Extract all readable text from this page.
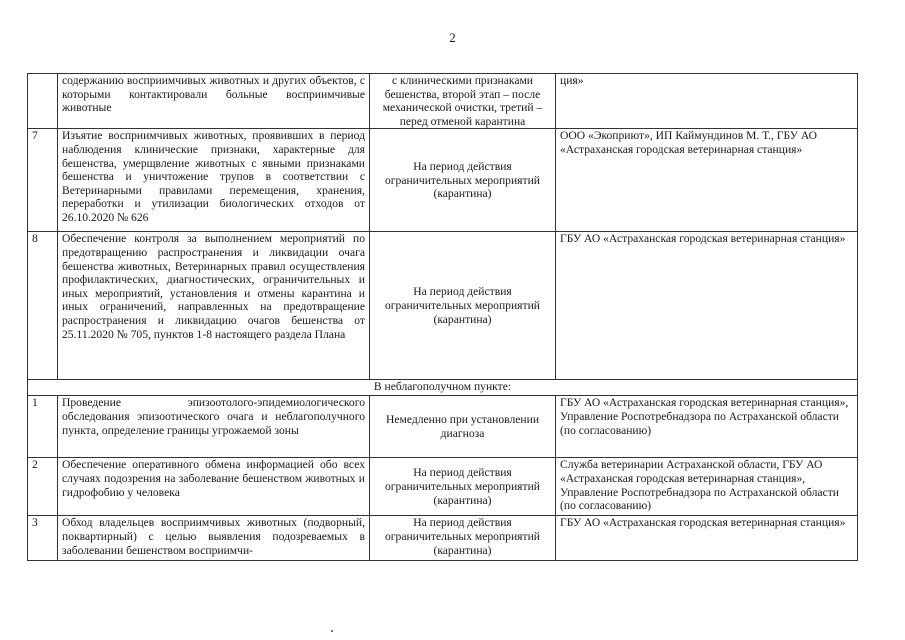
2
	содержанию восприимчивых животных и других объектов, с которыми контактировали больные восприимчивые животные	с клиническими признаками бешенства, второй этап – после механической очистки, третий – перед отменой карантина	ция»
7	Изъятие восприимчивых животных, проявивших в период наблюдения клинические признаки, характерные для бешенства, умерщвление животных с явными признаками бешенства и уничтожение трупов в соответствии с Ветеринарными правилами перемещения, хранения, переработки и утилизации биологических отходов от 26.10.2020 № 626	На период действия ограничительных мероприятий (карантина)	ООО «Экоприют», ИП Каймундинов М. Т., ГБУ АО «Астраханская городская ветеринарная станция»
8	Обеспечение контроля за выполнением мероприятий по предотвращению распространения и ликвидации очага бешенства животных, Ветеринарных правил осуществления профилактических, диагностических, ограничительных и иных мероприятий, установления и отмены карантина и иных ограничений, направленных на предотвращение распространения и ликвидацию очагов бешенства от 25.11.2020 № 705, пунктов 1-8 настоящего раздела Плана	На период действия ограничительных мероприятий (карантина)	ГБУ АО «Астраханская городская ветеринарная станция»
В неблагополучном пункте:			
1	Проведение эпизоотолого-эпидемиологического обследования эпизоотического очага и неблагополучного пункта, определение границы угрожаемой зоны	Немедленно при установлении диагноза	ГБУ АО «Астраханская городская ветеринарная станция», Управление Роспотребнадзора по Астраханской области (по согласованию)
2	Обеспечение оперативного обмена информацией обо всех случаях подозрения на заболевание бешенством животных и гидрофобию у человека	На период действия ограничительных мероприятий (карантина)	Служба ветеринарии Астраханской области, ГБУ АО «Астраханская городская ветеринарная станция», Управление Роспотребнадзора по Астраханской области (по согласованию)
3	Обход владельцев восприимчивых животных (подворный, поквартирный) с целью выявления подозреваемых в заболевании бешенством восприимчи-	На период действия ограничительных мероприятий (карантина)	ГБУ АО «Астраханская городская ветеринарная станция»
